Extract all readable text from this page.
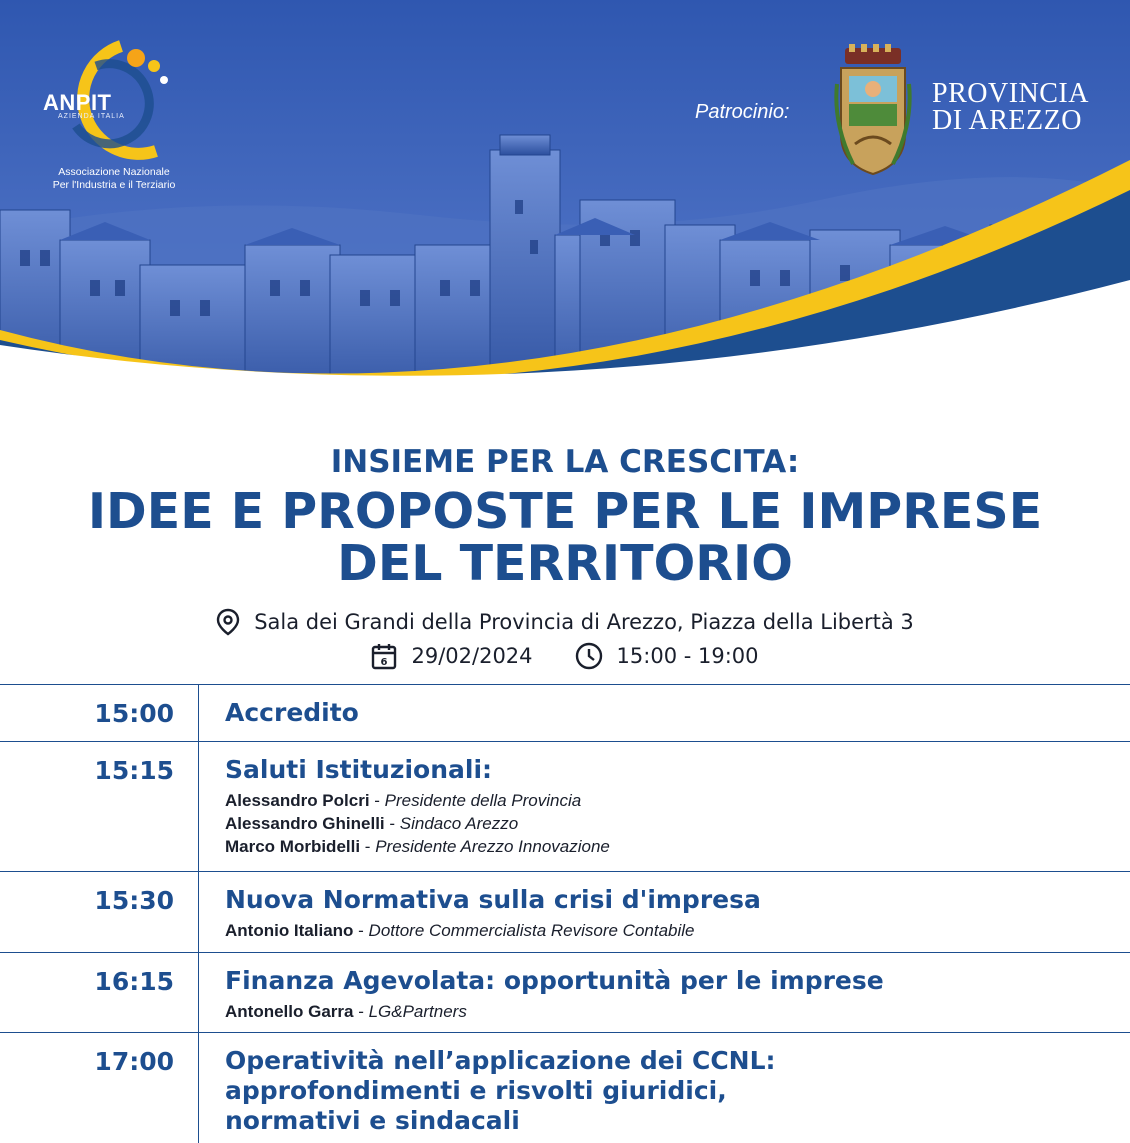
ANPIT
AZIENDA ITALIA
Associazione Nazionale
Per l'Industria e il Terziario
Patrocinio:
PROVINCIA
DI AREZZO
INSIEME PER LA CRESCITA:
IDEE E PROPOSTE PER LE IMPRESE
DEL TERRITORIO
Sala dei Grandi della Provincia di Arezzo, Piazza della Libertà 3
6 29/02/2024	15:00 - 19:00
15:00 Accredito
15:15 Saluti Istituzionali:
Alessandro Polcri - Presidente della Provincia
Alessandro Ghinelli - Sindaco Arezzo
Marco Morbidelli - Presidente Arezzo Innovazione
15:30 Nuova Normativa sulla crisi d'impresa
Antonio Italiano - Dottore Commercialista Revisore Contabile
16:15 Finanza Agevolata: opportunità per le imprese
Antonello Garra - LG&Partners
17:00 Operatività nell’applicazione dei CCNL:
approfondimenti e risvolti giuridici,
normativi e sindacali
